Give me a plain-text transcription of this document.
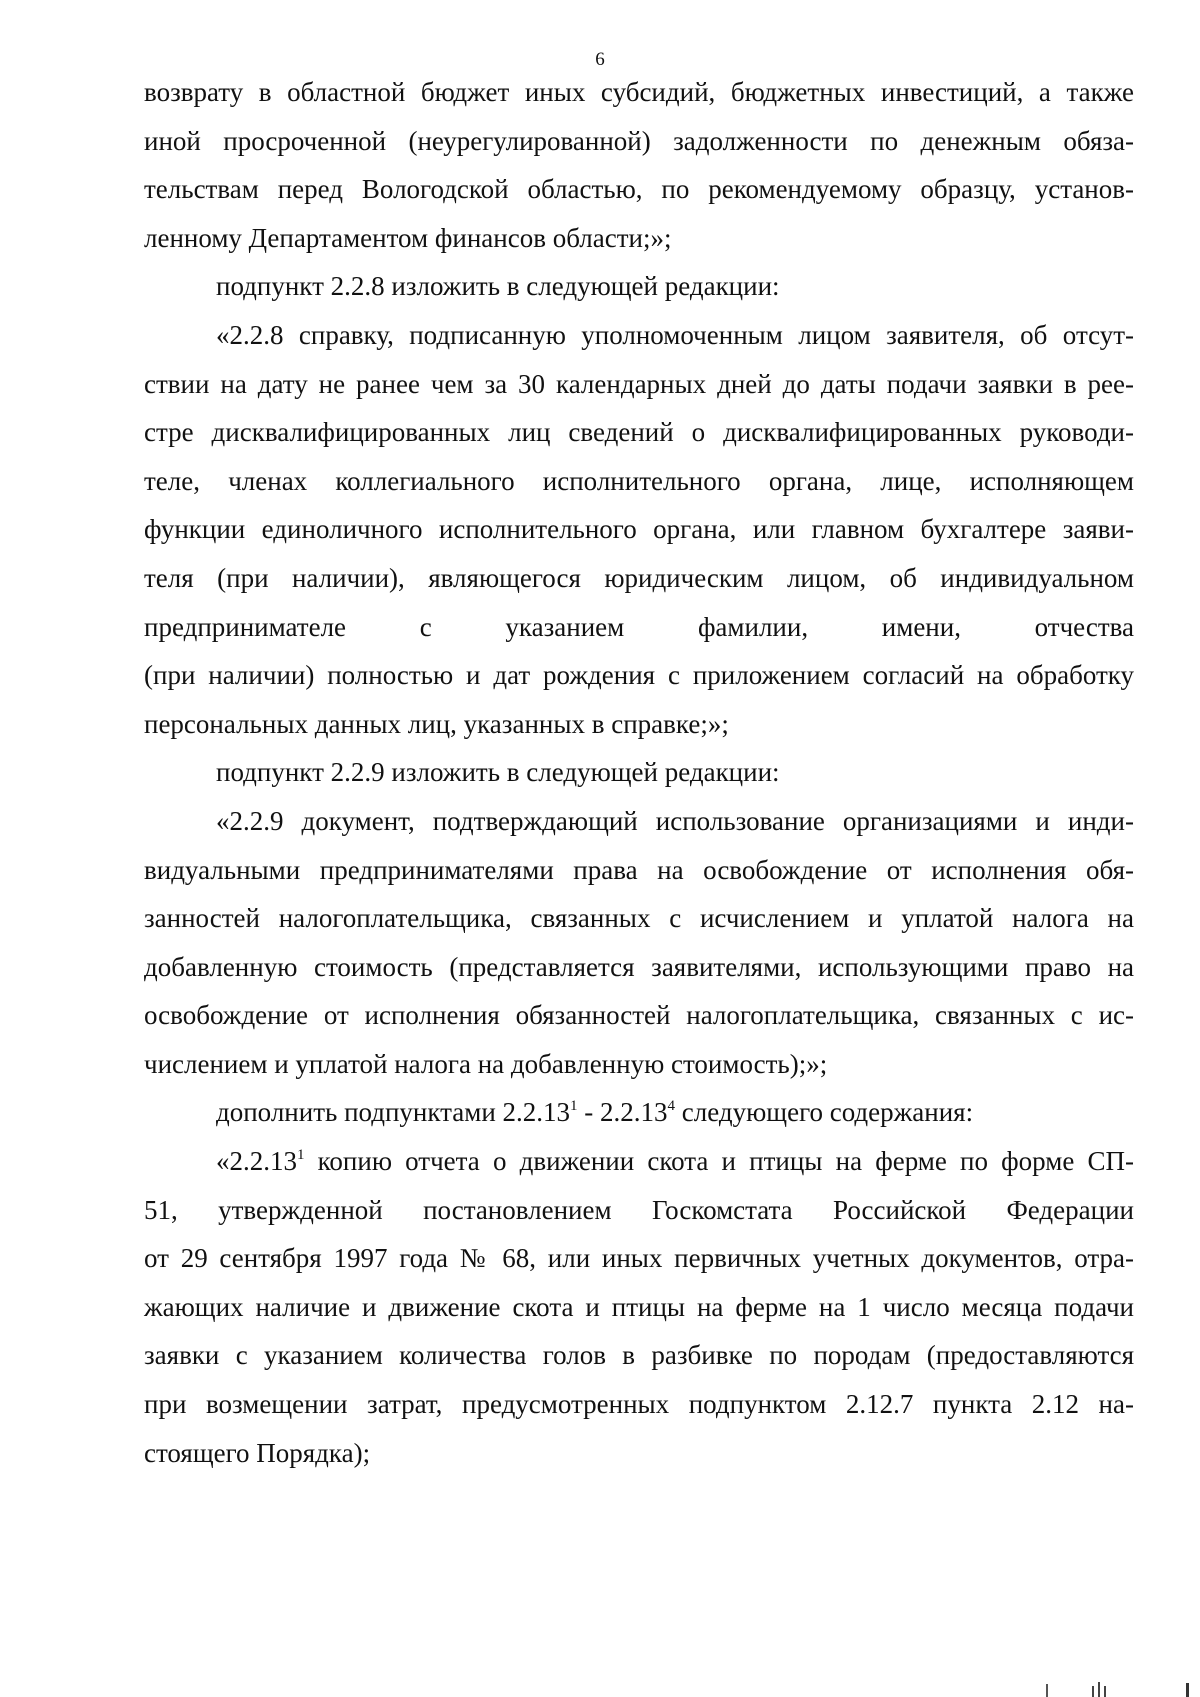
6
возврату в областной бюджет иных субсидий, бюджетных инвестиций, а также
иной просроченной (неурегулированной) задолженности по денежным обяза-
тельствам перед Вологодской областью, по рекомендуемому образцу, установ-
ленному Департаментом финансов области;»;
подпункт 2.2.8 изложить в следующей редакции:
«2.2.8 справку, подписанную уполномоченным лицом заявителя, об отсут-
ствии на дату не ранее чем за 30 календарных дней до даты подачи заявки в рее-
стре дисквалифицированных лиц сведений о дисквалифицированных руководи-
теле, членах коллегиального исполнительного органа, лице, исполняющем
функции единоличного исполнительного органа, или главном бухгалтере заяви-
теля (при наличии), являющегося юридическим лицом, об индивидуальном
предпринимателе с указанием фамилии, имени, отчества
(при наличии) полностью и дат рождения с приложением согласий на обработку
персональных данных лиц, указанных в справке;»;
подпункт 2.2.9 изложить в следующей редакции:
«2.2.9 документ, подтверждающий использование организациями и инди-
видуальными предпринимателями права на освобождение от исполнения обя-
занностей налогоплательщика, связанных с исчислением и уплатой налога на
добавленную стоимость (представляется заявителями, использующими право на
освобождение от исполнения обязанностей налогоплательщика, связанных с ис-
числением и уплатой налога на добавленную стоимость);»;
дополнить подпунктами 2.2.13$^1$ - 2.2.13$^4$ следующего содержания:
«2.2.13$^1$ копию отчета о движении скота и птицы на ферме по форме СП-
51, утвержденной постановлением Госкомстата Российской Федерации
от 29 сентября 1997 года № 68, или иных первичных учетных документов, отра-
жающих наличие и движение скота и птицы на ферме на 1 число месяца подачи
заявки с указанием количества голов в разбивке по породам (предоставляются
при возмещении затрат, предусмотренных подпунктом 2.12.7 пункта 2.12 на-
стоящего Порядка);
